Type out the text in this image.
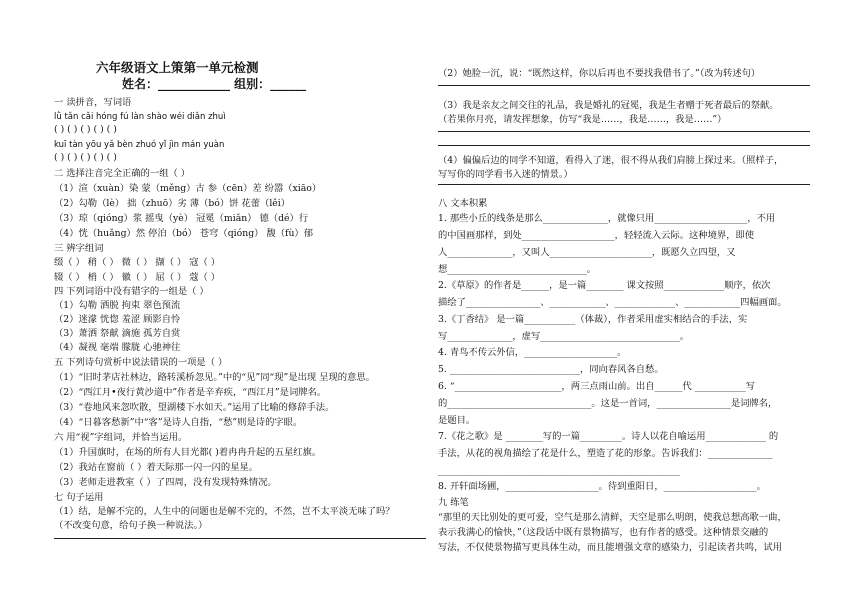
六年级语文上策第一单元检测
姓名：____________ 组别：______
一 读拼音，写词语
lǜ tǎn cǎi hóng fú làn shào wéi diǎn zhuì
( ) ( ) ( ) ( ) ( )
kuī tàn yōu yǎ bèn zhuó yǐ jìn mán yuàn
( ) ( ) ( ) ( ) ( )
二 选择注音完全正确的一组（ ）
（1）渲（xuàn）染 蒙（měng）古 参（cēn）差 纷嚣（xiāo）
（2）勾勒（lè） 拙（zhuō）劣 薄（bó）饼 花蕾（lěi）
（3）琼（qióng）浆 摇曳（yè） 冠冕（miǎn） 德（dé）行
（4）恍（huǎng）然 停泊（bó） 苍穹（qióng） 馥（fù）郁
三 辨字组词
缀（ ） 稍（ ） 微（ ） 撷（ ） 寇（ ）
辍（ ） 梢（ ） 徽（ ） 屈（ ） 蔻（ ）
四 下列词语中没有错字的一组是（ ）
（1）勾勒 洒脱 拘束 翠色预流
（2）迷濛 恍惚 羞涩 顾影自怜
（3）萧洒 祭献 滴施 孤芳自赏
（4）凝视 毫端 朦胧 心驰神往
五 下列诗句赏析中说法错误的一项是（ ）
（1）“旧时茅店社林边，路转溪桥忽见。”中的“见”同“现”是出现 呈现的意思。
（2）“西江月•夜行黄沙道中”作者是辛弃疾，“西江月”是词牌名。
（3）“卷地风来忽吹散，望湖楼下水如天。”运用了比喻的修辞手法。
（4）“日暮客愁新”中“客”是诗人自指，“愁”则是诗的字眼。
六 用“视”字组词，并恰当运用。
（1）升国旗时，在场的所有人目光都( )着冉冉升起的五星红旗。
（2）我站在窗前（ ）着天际那一闪一闪的星星。
（3）老师走进教室（ ）了四周，没有发现特殊情况。
七 句子运用
（1）结，是解不完的，人生中的问题也是解不完的，不然，岂不太平淡无味了吗？
（不改变句意，给句子换一种说法。）
（2）她脸一沉，说：“既然这样，你以后再也不要找我借书了。”（改为转述句）
（3）我是亲友之间交往的礼品，我是婚礼的冠冕，我是生者赠于死者最后的祭献。
（若果你月亮，请发挥想象，仿写“我是……，我是……，我是……”）
（4）偏偏后边的同学不知道，看得入了迷，很不得从我们肩膀上探过来。（照样子，
写写你的同学看书入迷的情景。）
八 文本积累
1. 那些小丘的线条是那么______________，就像只用____________________，不用
的中国画那样，到处____________________，轻轻流入云际。这种境界，即使
人______________，又叫人______________________，既愿久立四望，又
想______________________________。
2.《草原》的作者是______，是一篇________ 课文按照_____________顺序，依次
描绘了________________、____________、_____________、____________四幅画面。
3.《丁香结》 是一篇___________（体裁），作者采用虚实相结合的手法，实
写______________，虚写______________________________。
4. 青鸟不传云外信，____________________。
5. ____________________________，同向春风各自愁。
6. “_______________________，两三点雨山前。出自______代 ___________写
的_______________________________。这是一首词，________________是词牌名，
是题目。
7.《花之歌》是 ________写的一篇_________。诗人以花自喻运用_____________ 的
手法，从花的视角描绘了花是什么，塑造了花的形象。告诉我们：______________
____________________________________________________
8. 开轩面场圃，____________________。待到重阳日，____________________。
九 练笔
“那里的天比别处的更可爱，空气是那么清鲜，天空是那么明朗，使我总想高歌一曲，
表示我满心的愉快，”（这段话中既有景物描写，也有作者的感受。这种情景交融的
写法，不仅使景物描写更具体生动，而且能增强文章的感染力，引起读者共鸣，试用
